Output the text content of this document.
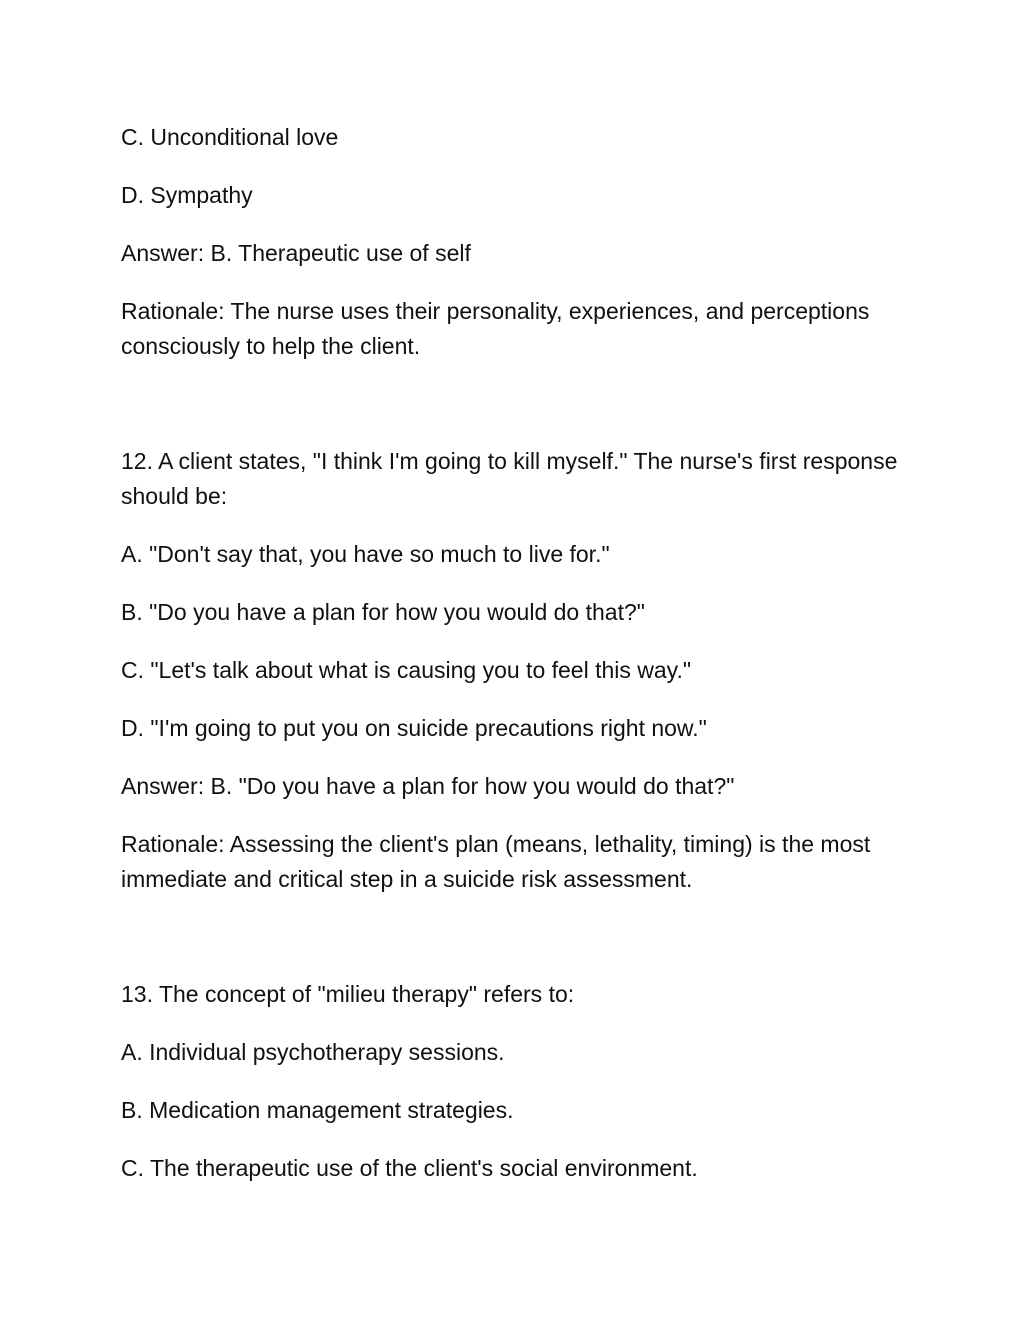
C. Unconditional love

D. Sympathy

Answer: B. Therapeutic use of self

Rationale: The nurse uses their personality, experiences, and perceptions consciously to help the client.

12. A client states, "I think I'm going to kill myself." The nurse's first response should be:

A. "Don't say that, you have so much to live for."

B. "Do you have a plan for how you would do that?"

C. "Let's talk about what is causing you to feel this way."

D. "I'm going to put you on suicide precautions right now."

Answer: B. "Do you have a plan for how you would do that?"

Rationale: Assessing the client's plan (means, lethality, timing) is the most immediate and critical step in a suicide risk assessment.

13. The concept of "milieu therapy" refers to:

A. Individual psychotherapy sessions.

B. Medication management strategies.

C. The therapeutic use of the client's social environment.
